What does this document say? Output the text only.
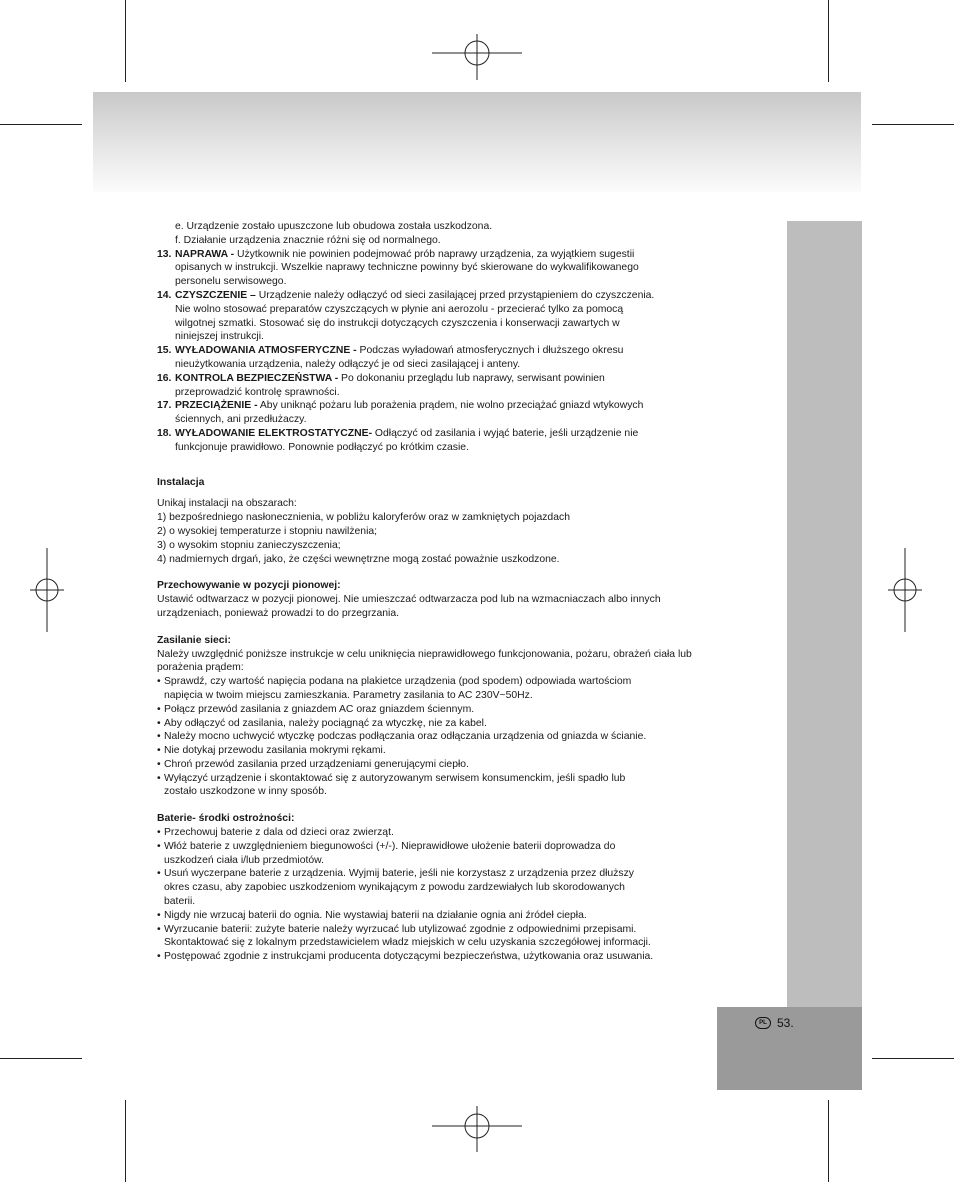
PL 53.
e. Urządzenie zostało upuszczone lub obudowa została uszkodzona.
f. Działanie urządzenia znacznie różni się od normalnego.
13. NAPRAWA - Użytkownik nie powinien podejmować prób naprawy urządzenia, za wyjątkiem sugestii
opisanych w instrukcji. Wszelkie naprawy techniczne powinny być skierowane do wykwalifikowanego
personelu serwisowego.
14. CZYSZCZENIE – Urządzenie należy odłączyć od sieci zasilającej przed przystąpieniem do czyszczenia.
Nie wolno stosować preparatów czyszczących w płynie ani aerozolu - przecierać tylko za pomocą
wilgotnej szmatki. Stosować się do instrukcji dotyczących czyszczenia i konserwacji zawartych w
niniejszej instrukcji.
15. WYŁADOWANIA ATMOSFERYCZNE - Podczas wyładowań atmosferycznych i dłuższego okresu
nieużytkowania urządzenia, należy odłączyć je od sieci zasilającej i anteny.
16. KONTROLA BEZPIECZEŃSTWA - Po dokonaniu przeglądu lub naprawy, serwisant powinien
przeprowadzić kontrolę sprawności.
17. PRZECIĄŻENIE - Aby uniknąć pożaru lub porażenia prądem, nie wolno przeciążać gniazd wtykowych
ściennych, ani przedłużaczy.
18. WYŁADOWANIE ELEKTROSTATYCZNE- Odłączyć od zasilania i wyjąć baterie, jeśli urządzenie nie
funkcjonuje prawidłowo. Ponownie podłączyć po krótkim czasie.
Instalacja
Unikaj instalacji na obszarach:
1) bezpośredniego nasłonecznienia, w pobliżu kaloryferów oraz w zamkniętych pojazdach
2) o wysokiej temperaturze i stopniu nawilżenia;
3) o wysokim stopniu zanieczyszczenia;
4) nadmiernych drgań, jako, że części wewnętrzne mogą zostać poważnie uszkodzone.
Przechowywanie w pozycji pionowej:
Ustawić odtwarzacz w pozycji pionowej. Nie umieszczać odtwarzacza pod lub na wzmacniaczach albo innych
urządzeniach, ponieważ prowadzi to do przegrzania.
Zasilanie sieci:
Należy uwzględnić poniższe instrukcje w celu uniknięcia nieprawidłowego funkcjonowania, pożaru, obrażeń ciała lub
porażenia prądem:
• Sprawdź, czy wartość napięcia podana na plakietce urządzenia (pod spodem) odpowiada wartościom
napięcia w twoim miejscu zamieszkania. Parametry zasilania to AC 230V~50Hz.
• Połącz przewód zasilania z gniazdem AC oraz gniazdem ściennym.
• Aby odłączyć od zasilania, należy pociągnąć za wtyczkę, nie za kabel.
• Należy mocno uchwycić wtyczkę podczas podłączania oraz odłączania urządzenia od gniazda w ścianie.
• Nie dotykaj przewodu zasilania mokrymi rękami.
• Chroń przewód zasilania przed urządzeniami generującymi ciepło.
• Wyłączyć urządzenie i skontaktować się z autoryzowanym serwisem konsumenckim, jeśli spadło lub
zostało uszkodzone w inny sposób.
Baterie- środki ostrożności:
• Przechowuj baterie z dala od dzieci oraz zwierząt.
• Włóż baterie z uwzględnieniem biegunowości (+/-). Nieprawidłowe ułożenie baterii doprowadza do
uszkodzeń ciała i/lub przedmiotów.
• Usuń wyczerpane baterie z urządzenia. Wyjmij baterie, jeśli nie korzystasz z urządzenia przez dłuższy
okres czasu, aby zapobiec uszkodzeniom wynikającym z powodu zardzewiałych lub skorodowanych
baterii.
• Nigdy nie wrzucaj baterii do ognia. Nie wystawiaj baterii na działanie ognia ani źródeł ciepła.
• Wyrzucanie baterii: zużyte baterie należy wyrzucać lub utylizować zgodnie z odpowiednimi przepisami.
Skontaktować się z lokalnym przedstawicielem władz miejskich w celu uzyskania szczegółowej informacji.
• Postępować zgodnie z instrukcjami producenta dotyczącymi bezpieczeństwa, użytkowania oraz usuwania.
